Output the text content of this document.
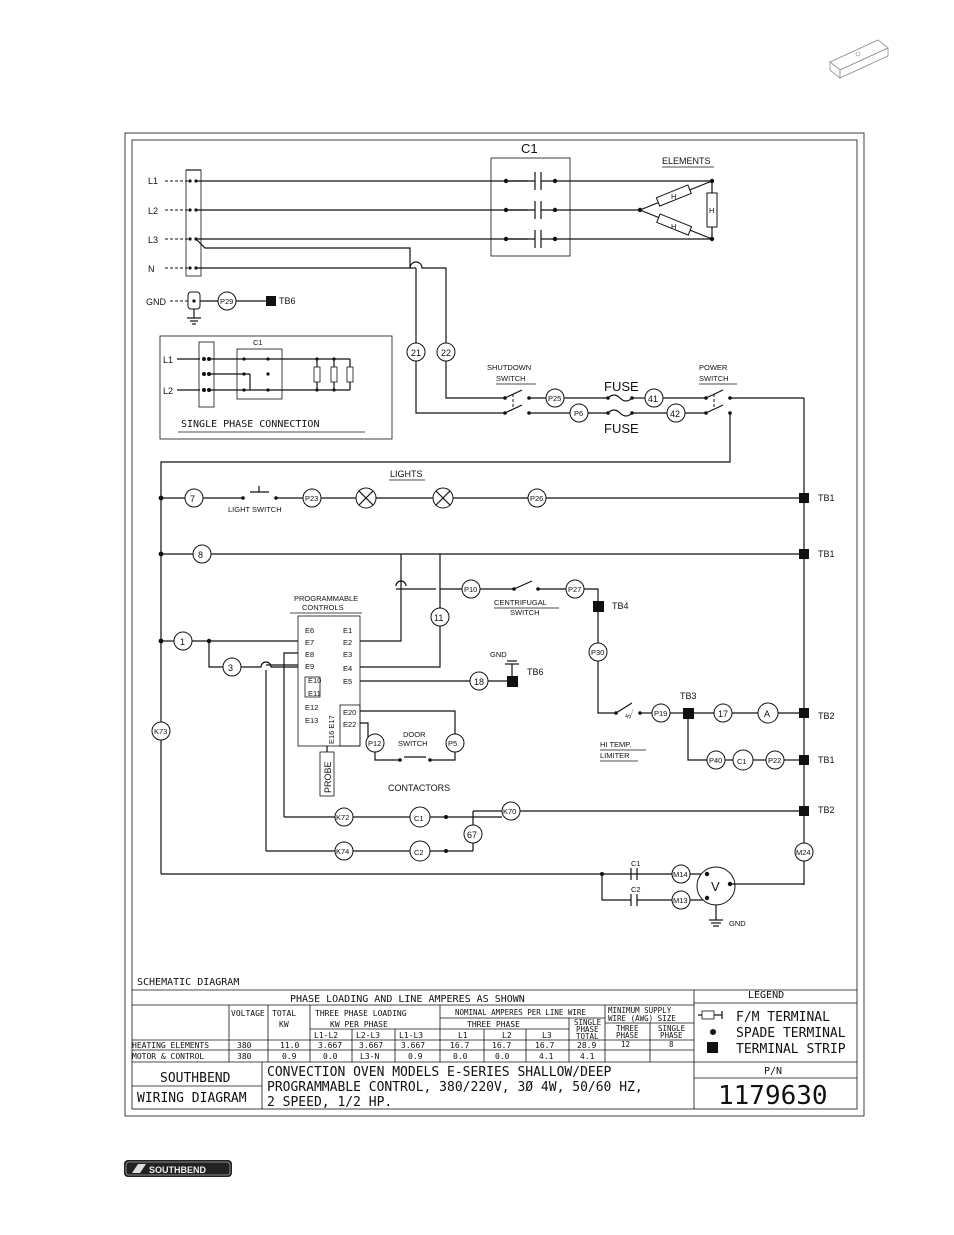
L1
L2
L3
N
C1
ELEMENTS
H
H
H
GND	P29	TB6
L1
L2
C1
SINGLE PHASE CONNECTION
21 22
SHUTDOWN
SWITCH
P25
P6
FUSE
FUSE
41
42
POWER
SWITCH
LIGHTS
7
LIGHT SWITCH
P23	P26	TB1
8	TB1
PROGRAMMABLE
CONTROLS
E6
E7
E8
E9
E10
E11
E12
E13
E1
E2
E3
E4
E5
E20
E22
E16 E17
PROBE
1
3
11
18
TB6
GND
P10	P27
CENTRIFUGAL
SWITCH
TB4
P30
5... P19
TB3
17	A	TB2
HI TEMP.
LIMITER
P40 C1	P22	TB1
P12	P5
DOOR
SWITCH
K73
CONTACTORS
K72	C1
K70	TB2
K74	C2
67
C1
C2
M14
M13
V
M24
GND
SCHEMATIC DIAGRAM
PHASE LOADING AND LINE AMPERES AS SHOWN
VOLTAGE TOTAL
KW
THREE PHASE LOADING
KW PER PHASE
L1-L2 L2-L3 L1-L3
NOMINAL AMPERES PER LINE WIRE
THREE PHASE
L1	L2	L3
SINGLE
PHASE
TOTAL
MINIMUM SUPPLY
WIRE (AWG) SIZE
THREE
PHASE
SINGLE
PHASE
HEATING ELEMENTS	380	11.0 3.667 3.667 3.667	16.7	16.7	16.7	28.9	12	8
MOTOR & CONTROL	380	0.9	0.0	L3-N	0.9	0.0	0.0	4.1	4.1
LEGEND
F/M TERMINAL
SPADE TERMINAL
TERMINAL STRIP
SOUTHBEND
WIRING DIAGRAM
CONVECTION OVEN MODELS E-SERIES SHALLOW/DEEP
PROGRAMMABLE CONTROL, 380/220V, 3Ø 4W, 50/60 HZ,
2 SPEED, 1/2 HP.
P/N
1179630
SOUTHBEND
